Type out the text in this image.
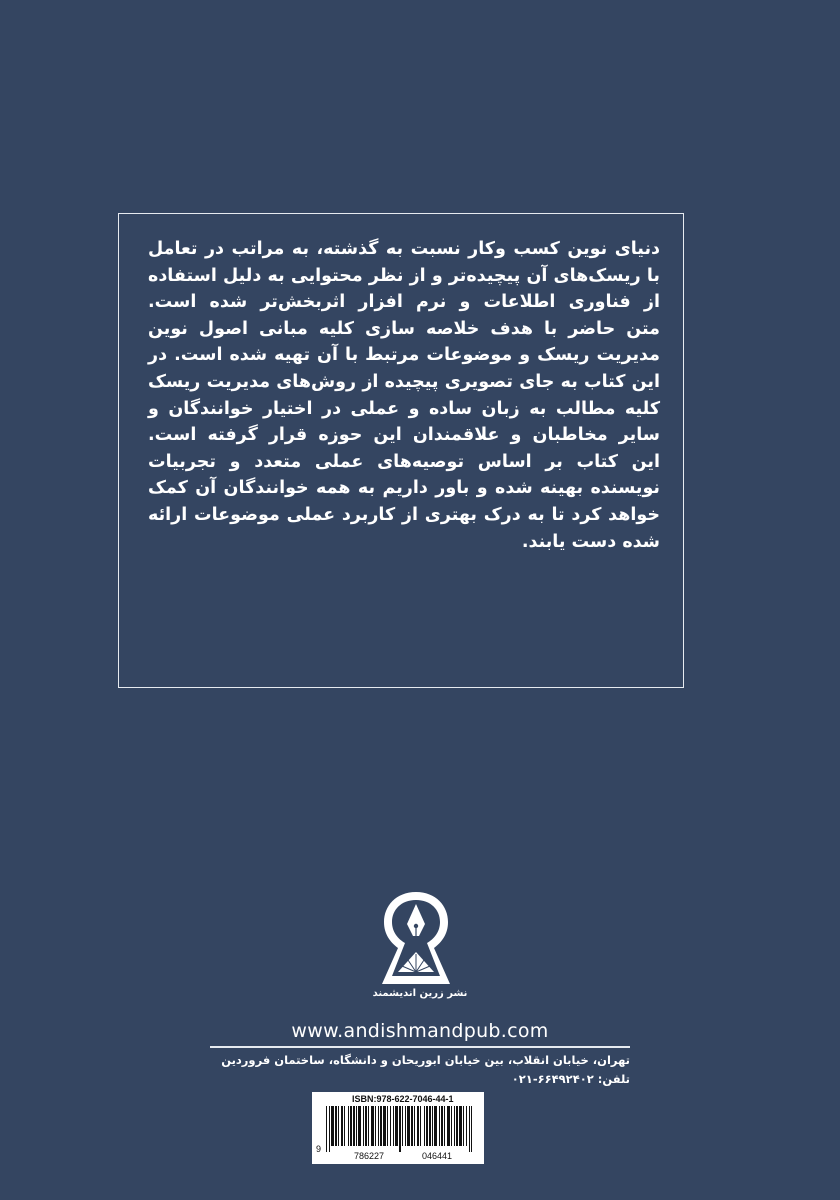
دنیای نوین کسب وکار نسبت به گذشته، به مراتب در تعامل با ریسک‌های آن پیچیده‌تر و از نظر محتوایی به دلیل استفاده از فناوری اطلاعات و نرم افزار اثربخش‌تر شده است.

متن حاضر با هدف خلاصه سازی کلیه مبانی اصول نوین مدیریت ریسک و موضوعات مرتبط با آن تهیه شده است. در این کتاب به جای تصویری پیچیده از روش‌های مدیریت ریسک کلیه مطالب به زبان ساده و عملی در اختیار خوانندگان و سایر مخاطبان و علاقمندان این حوزه قرار گرفته است.

این کتاب بر اساس توصیه‌های عملی متعدد و تجربیات نویسنده بهینه شده و باور داریم به همه خوانندگان آن کمک خواهد کرد تا به درک بهتری از کاربرد عملی موضوعات ارائه شده دست یابند.

نشر زرین اندیشمند
www.andishmandpub.com
تهران، خیابان انقلاب، بین خیابان ابوریحان و دانشگاه، ساختمان فروردین
تلفن: ۶۶۴۹۲۴۰۲-۰۲۱
ISBN:978-622-7046-44-1
9
786227	046441
